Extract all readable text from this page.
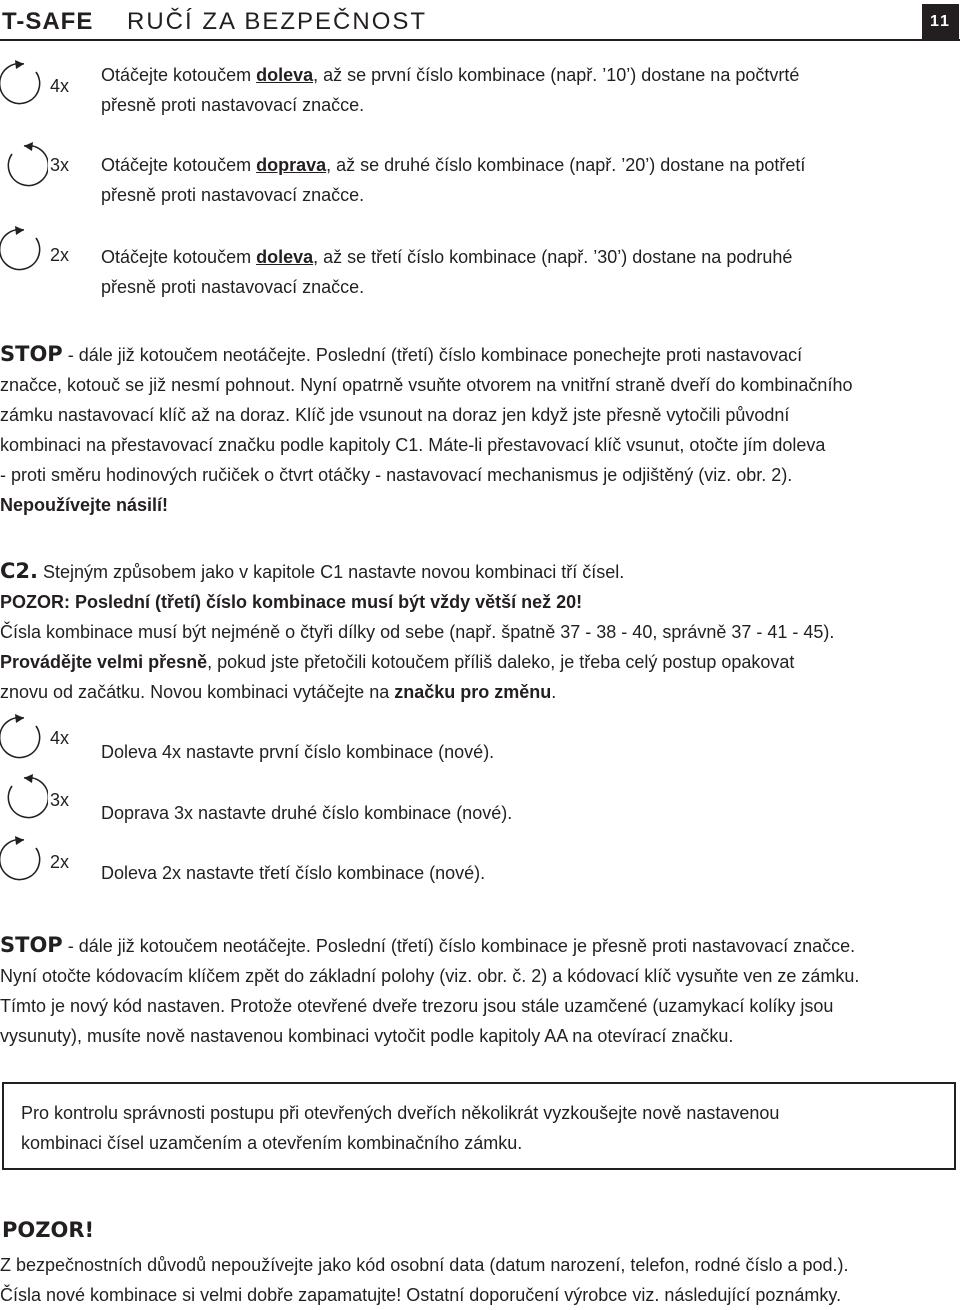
T-SAFE RUČÍ ZA BEZPEČNOST	11
4x
Otáčejte kotoučem doleva, až se první číslo kombinace (např. ’10’) dostane na počtvrté
přesně proti nastavovací značce.
3x Otáčejte kotoučem doprava, až se druhé číslo kombinace (např. ’20’) dostane na potřetí
přesně proti nastavovací značce.
2x Otáčejte kotoučem doleva, až se třetí číslo kombinace (např. ’30’) dostane na podruhé
přesně proti nastavovací značce.
STOP - dále již kotoučem neotáčejte. Poslední (třetí) číslo kombinace ponechejte proti nastavovací
značce, kotouč se již nesmí pohnout. Nyní opatrně vsuňte otvorem na vnitřní straně dveří do kombinačního
zámku nastavovací klíč až na doraz. Klíč jde vsunout na doraz jen když jste přesně vytočili původní
kombinaci na přestavovací značku podle kapitoly C1. Máte-li přestavovací klíč vsunut, otočte jím doleva
- proti směru hodinových ručiček o čtvrt otáčky - nastavovací mechanismus je odjištěný (viz. obr. 2).
Nepoužívejte násilí!
C2. Stejným způsobem jako v kapitole C1 nastavte novou kombinaci tří čísel.
POZOR: Poslední (třetí) číslo kombinace musí být vždy větší než 20!
Čísla kombinace musí být nejméně o čtyři dílky od sebe (např. špatně 37 - 38 - 40, správně 37 - 41 - 45).
Provádějte velmi přesně, pokud jste přetočili kotoučem příliš daleko, je třeba celý postup opakovat
znovu od začátku. Novou kombinaci vytáčejte na značku pro změnu.
4x
Doleva 4x nastavte první číslo kombinace (nové).
3x
Doprava 3x nastavte druhé číslo kombinace (nové).
2x
Doleva 2x nastavte třetí číslo kombinace (nové).
STOP - dále již kotoučem neotáčejte. Poslední (třetí) číslo kombinace je přesně proti nastavovací značce.
Nyní otočte kódovacím klíčem zpět do základní polohy (viz. obr. č. 2) a kódovací klíč vysuňte ven ze zámku.
Tímto je nový kód nastaven. Protože otevřené dveře trezoru jsou stále uzamčené (uzamykací kolíky jsou
vysunuty), musíte nově nastavenou kombinaci vytočit podle kapitoly AA na otevírací značku.
Pro kontrolu správnosti postupu při otevřených dveřích několikrát vyzkoušejte nově nastavenou
kombinaci čísel uzamčením a otevřením kombinačního zámku.
POZOR!
Z bezpečnostních důvodů nepoužívejte jako kód osobní data (datum narození, telefon, rodné číslo a pod.).
Čísla nové kombinace si velmi dobře zapamatujte! Ostatní doporučení výrobce viz. následující poznámky.
